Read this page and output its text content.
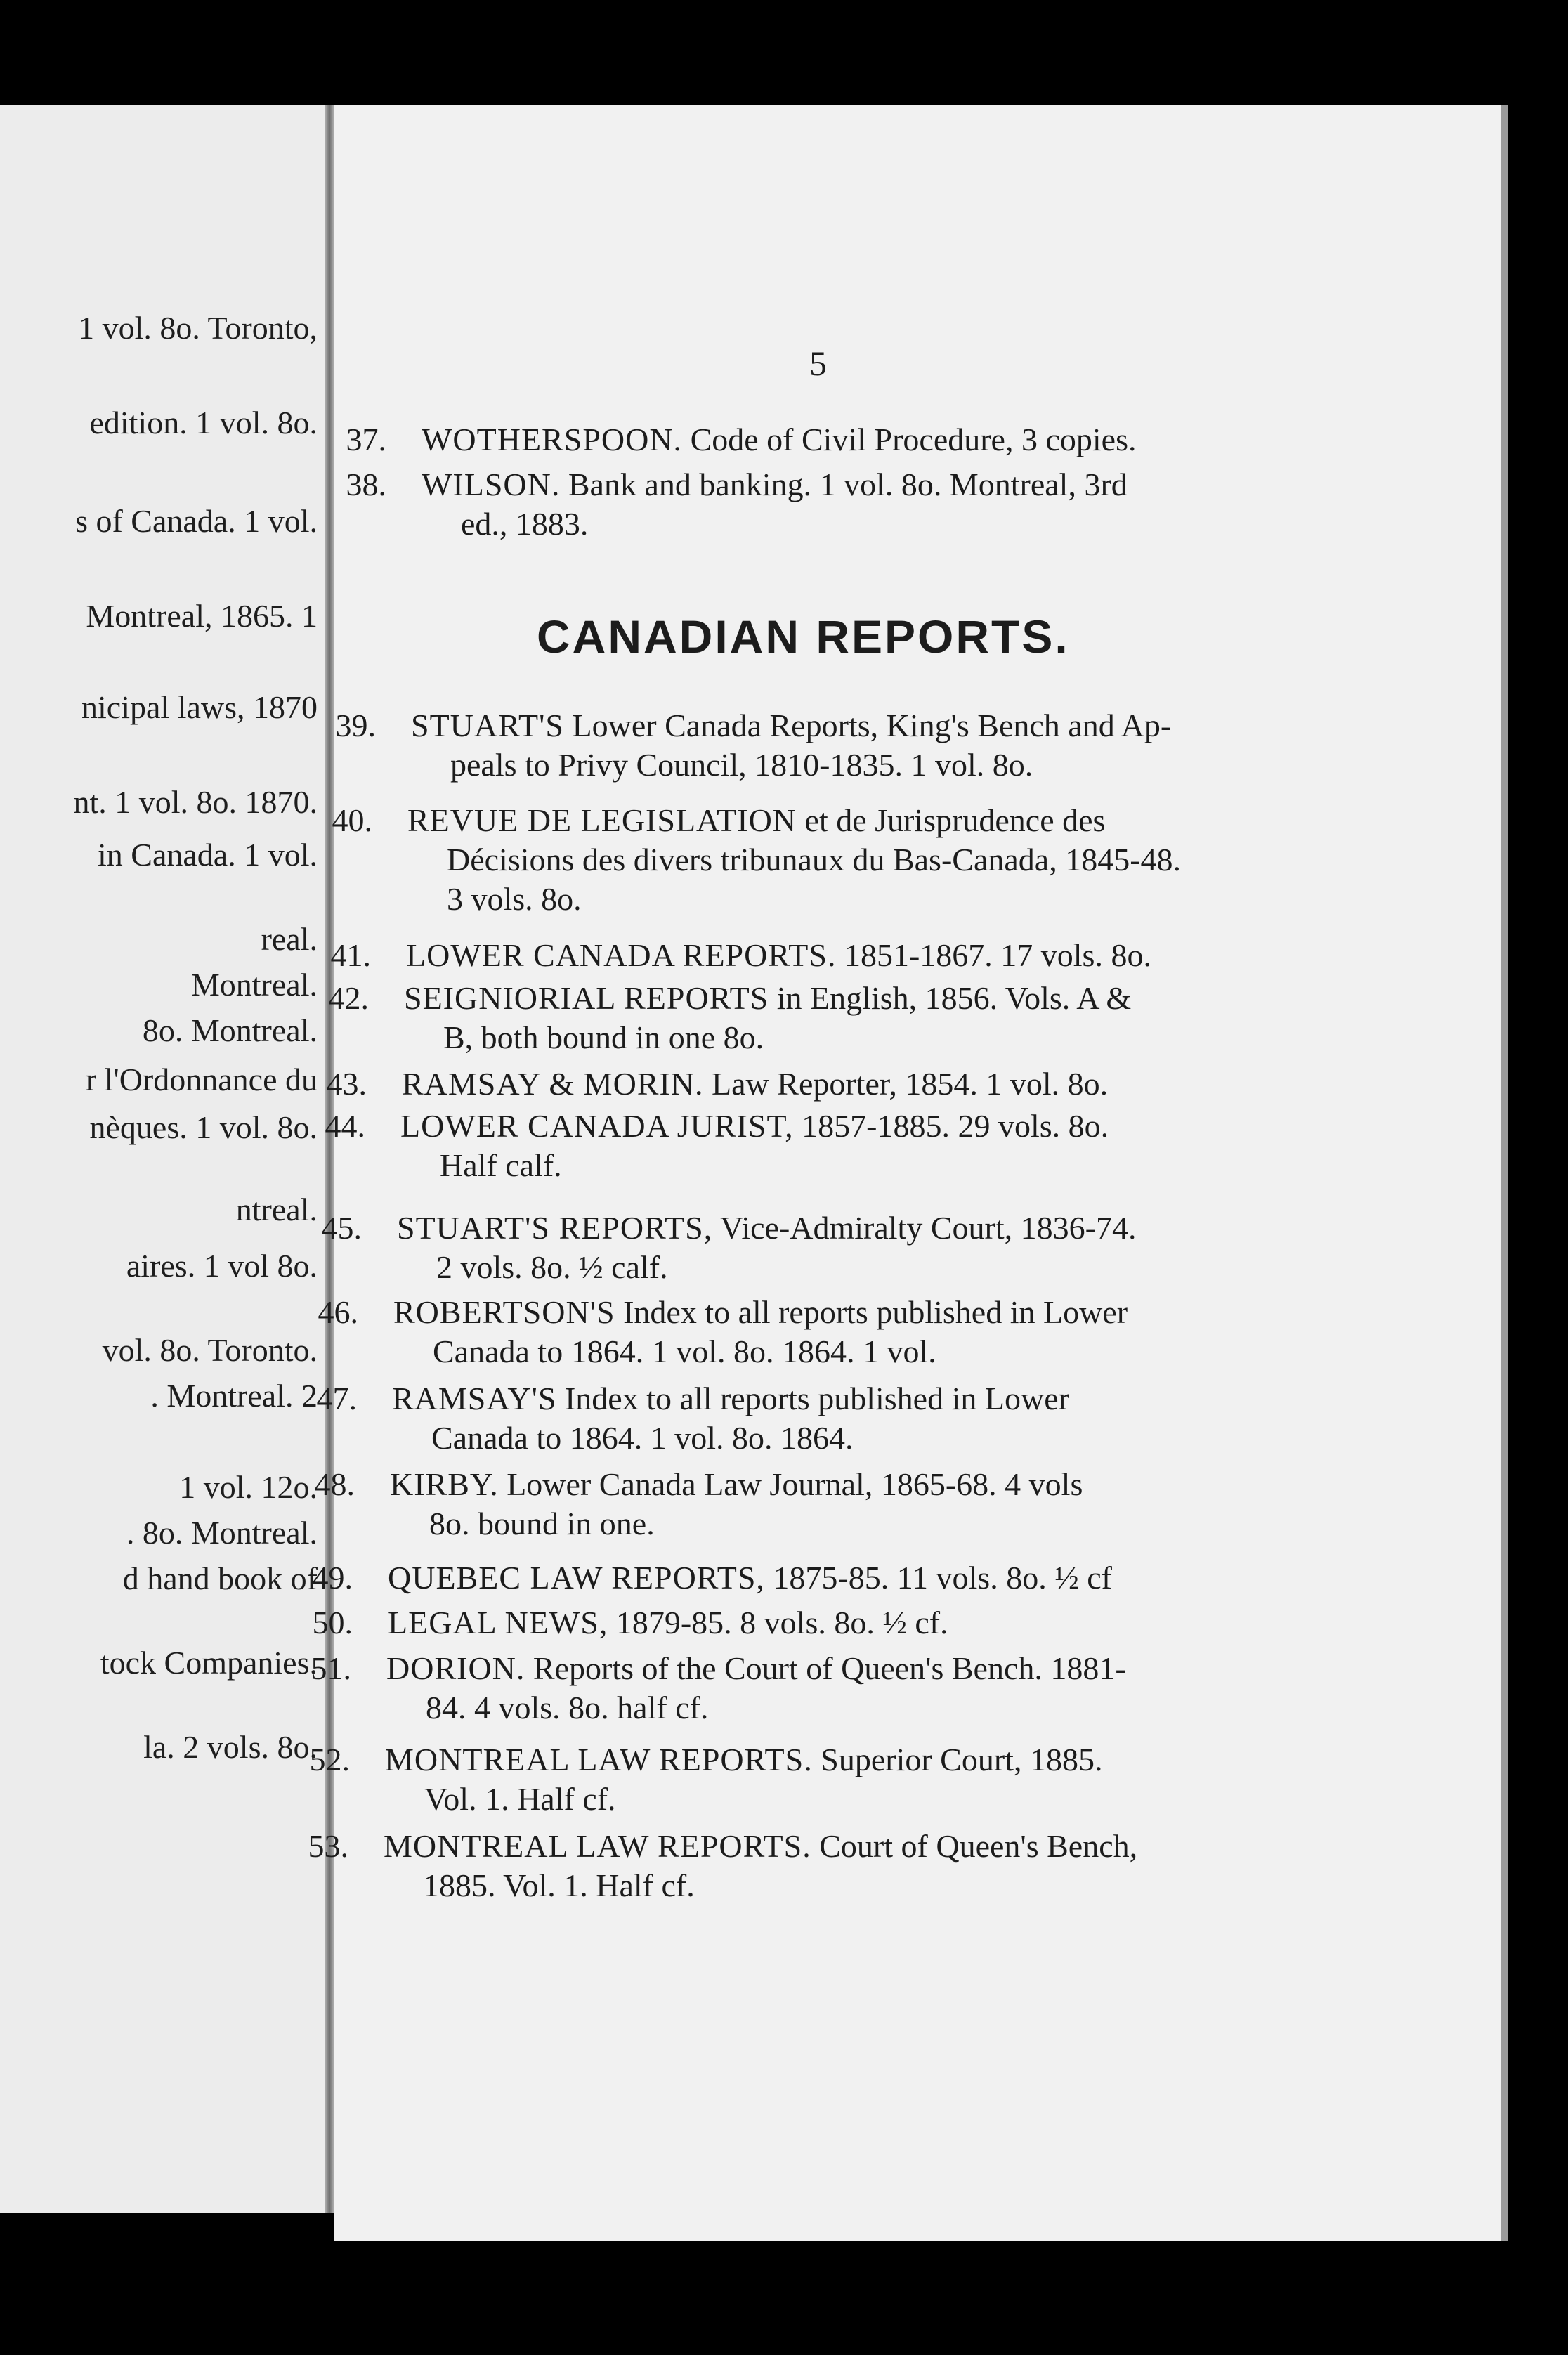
1 vol. 8o. Toronto,
edition. 1 vol. 8o.
s of Canada. 1 vol.
Montreal, 1865. 1
nicipal laws, 1870
nt. 1 vol. 8o. 1870.
in Canada. 1 vol.
real.
Montreal.
8o. Montreal.
r l'Ordonnance du
nèques. 1 vol. 8o.
ntreal.
aires. 1 vol 8o.
vol. 8o. Toronto.
. Montreal. 2
1 vol. 12o.
. 8o. Montreal.
d hand book of
tock Companies.
la. 2 vols. 8o.
5
37. WOTHERSPOON. Code of Civil Procedure, 3 copies.
38. WILSON. Bank and banking. 1 vol. 8o. Montreal, 3rd
ed., 1883.
CANADIAN REPORTS.
39. STUART'S Lower Canada Reports, King's Bench and Ap-
peals to Privy Council, 1810-1835. 1 vol. 8o.
40. REVUE DE LEGISLATION et de Jurisprudence des
Décisions des divers tribunaux du Bas-Canada, 1845-48.
3 vols. 8o.
41. LOWER CANADA REPORTS. 1851-1867. 17 vols. 8o.
42. SEIGNIORIAL REPORTS in English, 1856. Vols. A &
B, both bound in one 8o.
43. RAMSAY & MORIN. Law Reporter, 1854. 1 vol. 8o.
44. LOWER CANADA JURIST, 1857-1885. 29 vols. 8o.
Half calf.
45. STUART'S REPORTS, Vice-Admiralty Court, 1836-74.
2 vols. 8o. ½ calf.
46. ROBERTSON'S Index to all reports published in Lower
Canada to 1864. 1 vol. 8o. 1864. 1 vol.
47. RAMSAY'S Index to all reports published in Lower
Canada to 1864. 1 vol. 8o. 1864.
48. KIRBY. Lower Canada Law Journal, 1865-68. 4 vols
8o. bound in one.
49. QUEBEC LAW REPORTS, 1875-85. 11 vols. 8o. ½ cf
50. LEGAL NEWS, 1879-85. 8 vols. 8o. ½ cf.
51. DORION. Reports of the Court of Queen's Bench. 1881-
84. 4 vols. 8o. half cf.
52. MONTREAL LAW REPORTS. Superior Court, 1885.
Vol. 1. Half cf.
53. MONTREAL LAW REPORTS. Court of Queen's Bench,
1885. Vol. 1. Half cf.
